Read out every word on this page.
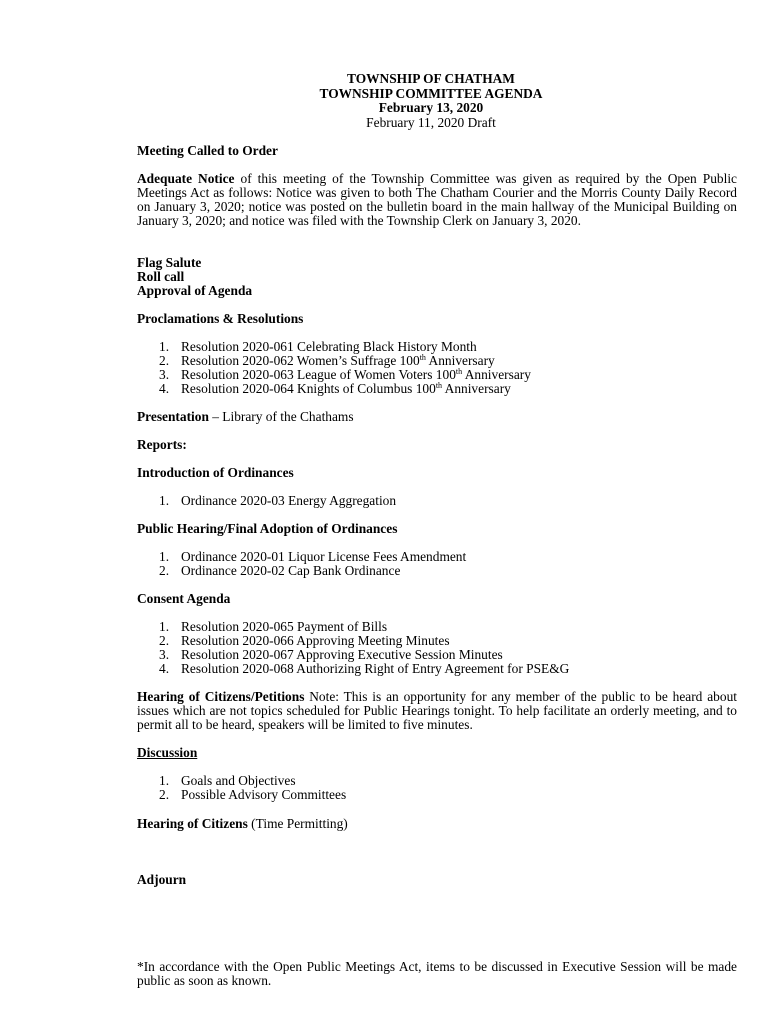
TOWNSHIP OF CHATHAM
TOWNSHIP COMMITTEE AGENDA
February 13, 2020
February 11, 2020 Draft
Meeting Called to Order
Adequate Notice of this meeting of the Township Committee was given as required by the Open Public Meetings Act as follows: Notice was given to both The Chatham Courier and the Morris County Daily Record on January 3, 2020; notice was posted on the bulletin board in the main hallway of the Municipal Building on January 3, 2020; and notice was filed with the Township Clerk on January 3, 2020.
Flag Salute
Roll call
Approval of Agenda
Proclamations & Resolutions
1. Resolution 2020-061 Celebrating Black History Month
2. Resolution 2020-062 Women’s Suffrage 100th Anniversary
3. Resolution 2020-063 League of Women Voters 100th Anniversary
4. Resolution 2020-064 Knights of Columbus 100th Anniversary
Presentation – Library of the Chathams
Reports:
Introduction of Ordinances
1. Ordinance 2020-03 Energy Aggregation
Public Hearing/Final Adoption of Ordinances
1. Ordinance 2020-01 Liquor License Fees Amendment
2. Ordinance 2020-02 Cap Bank Ordinance
Consent Agenda
1. Resolution 2020-065 Payment of Bills
2. Resolution 2020-066 Approving Meeting Minutes
3. Resolution 2020-067 Approving Executive Session Minutes
4. Resolution 2020-068 Authorizing Right of Entry Agreement for PSE&G
Hearing of Citizens/Petitions Note: This is an opportunity for any member of the public to be heard about issues which are not topics scheduled for Public Hearings tonight. To help facilitate an orderly meeting, and to permit all to be heard, speakers will be limited to five minutes.
Discussion
1. Goals and Objectives
2. Possible Advisory Committees
Hearing of Citizens (Time Permitting)
Adjourn
*In accordance with the Open Public Meetings Act, items to be discussed in Executive Session will be made public as soon as known.
